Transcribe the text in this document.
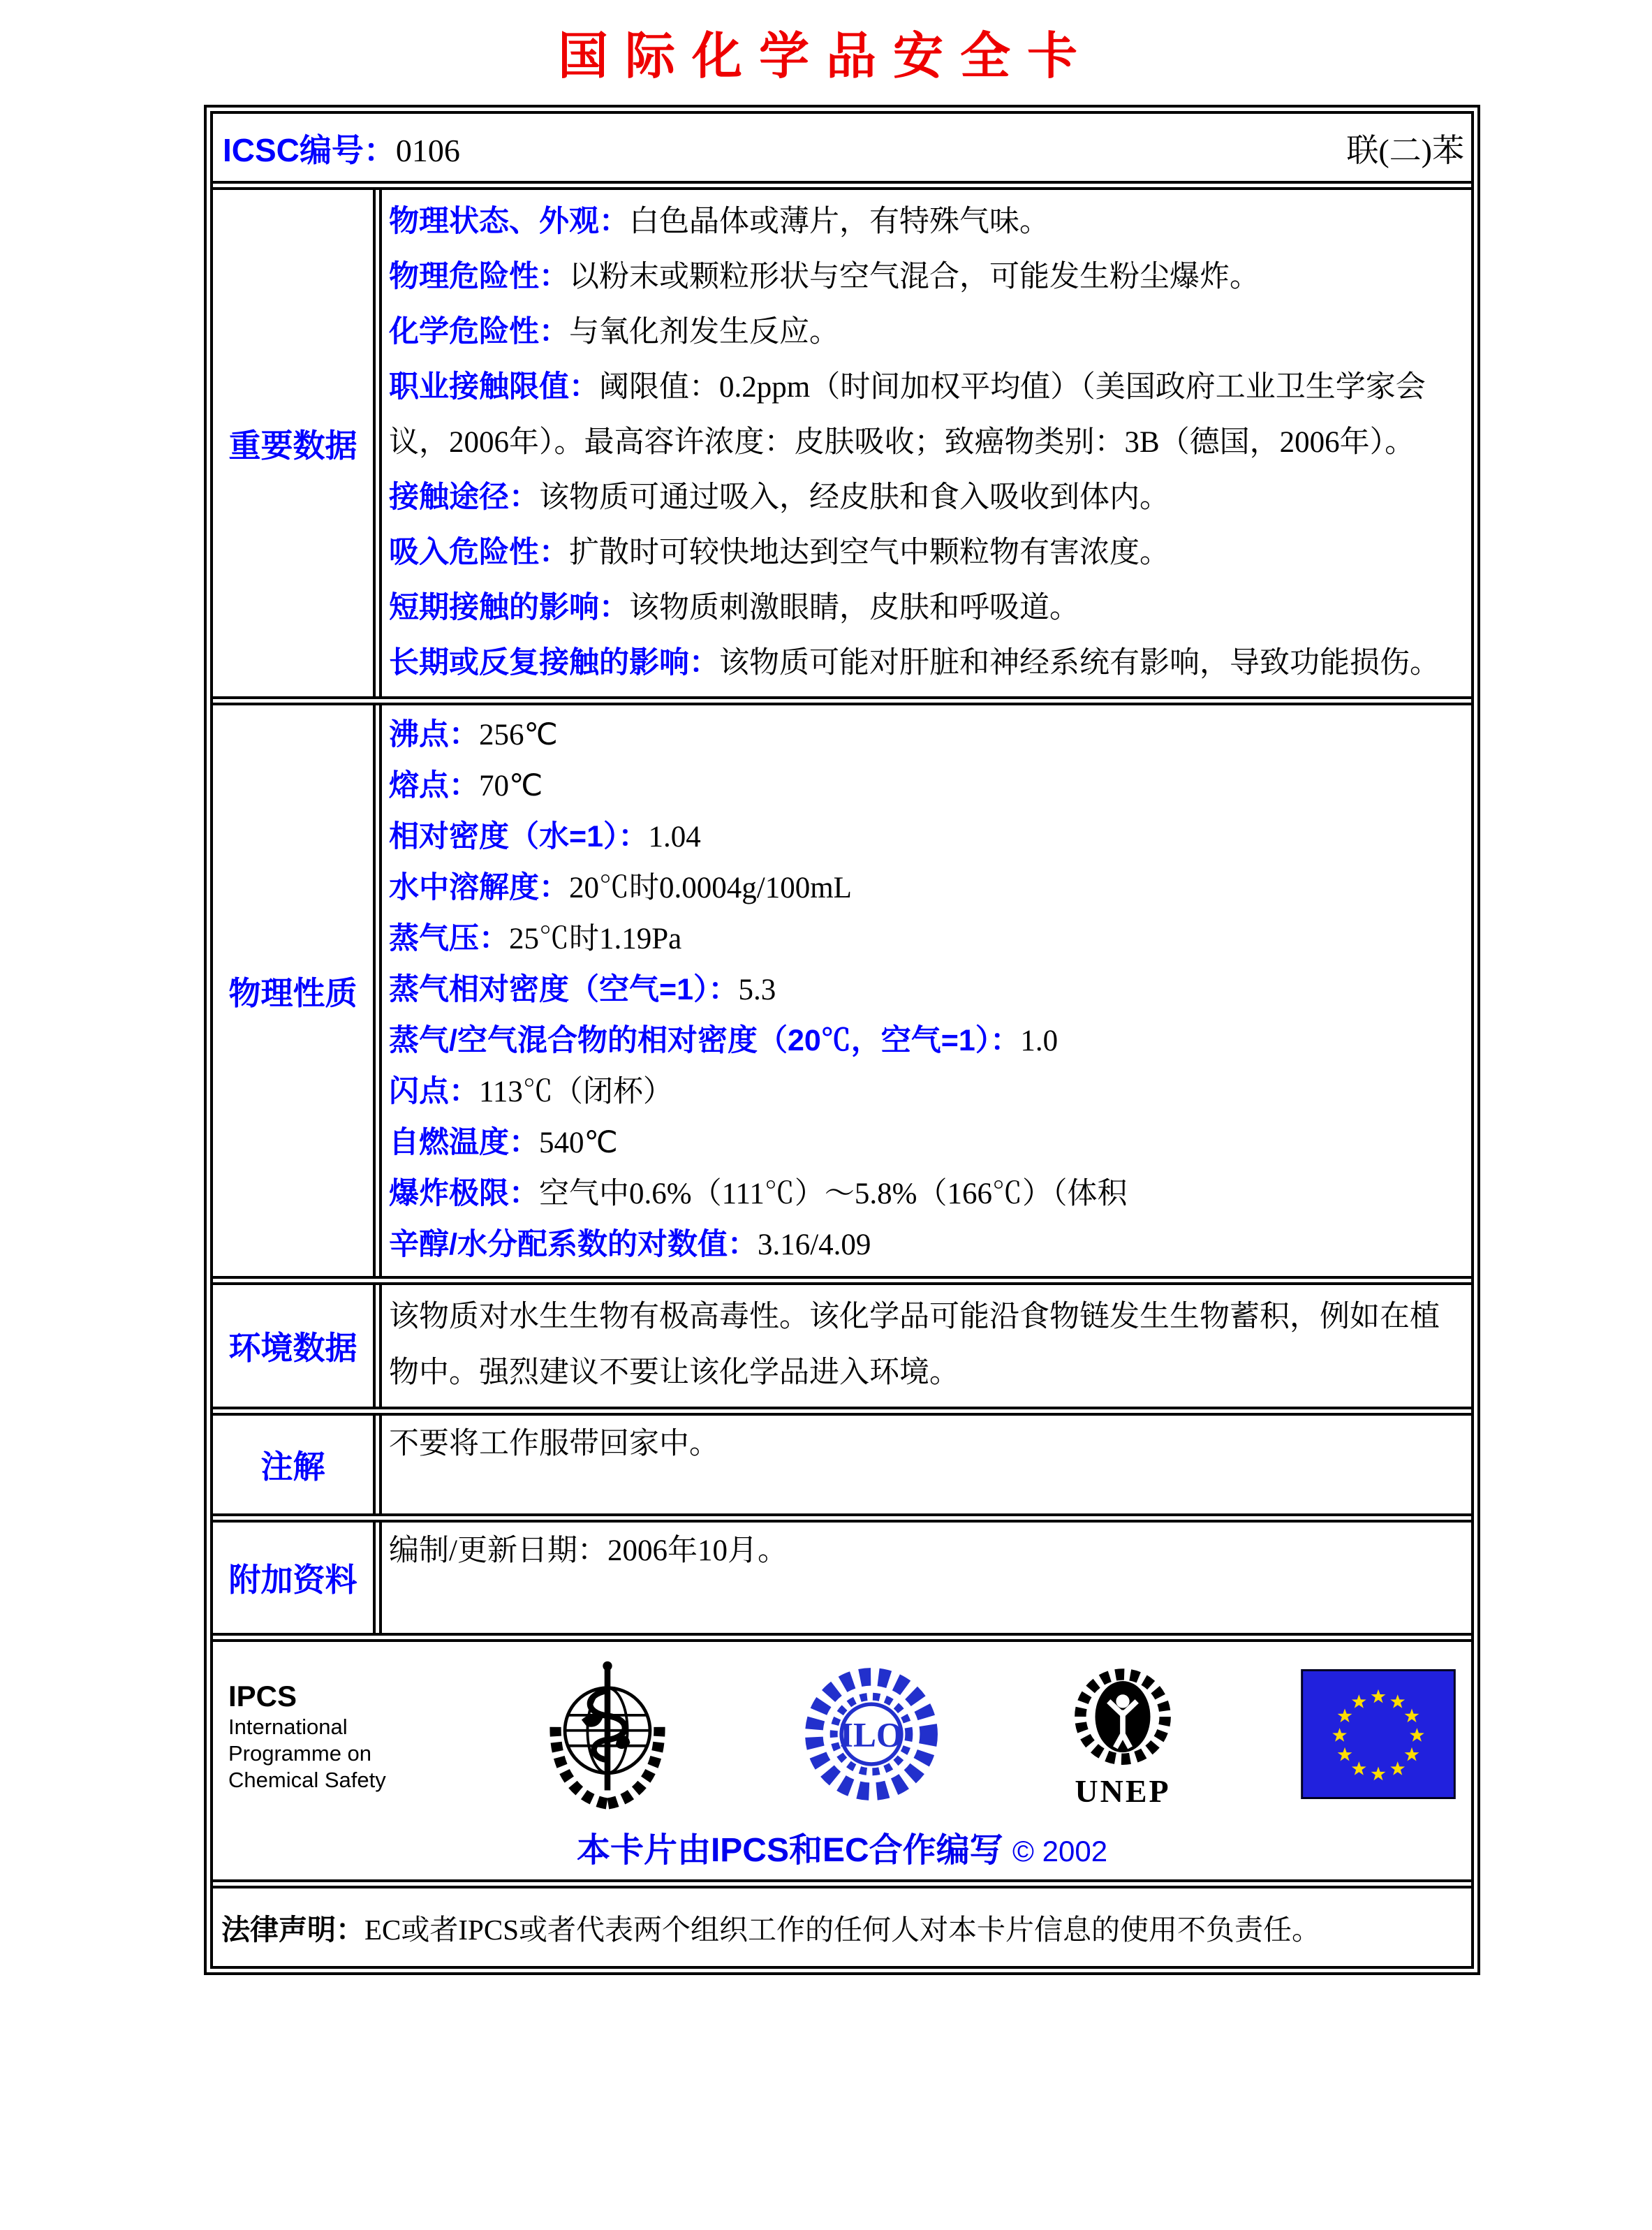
国际化学品安全卡
ICSC编号：0106	联(二)苯
重要数据
物理状态、外观：白色晶体或薄片，有特殊气味。
物理危险性：以粉末或颗粒形状与空气混合，可能发生粉尘爆炸。
化学危险性：与氧化剂发生反应。
职业接触限值：阈限值：0.2ppm（时间加权平均值）（美国政府工业卫生学家会议，2006年）。最高容许浓度：皮肤吸收；致癌物类别：3B（德国，2006年）。
接触途径：该物质可通过吸入，经皮肤和食入吸收到体内。
吸入危险性：扩散时可较快地达到空气中颗粒物有害浓度。
短期接触的影响：该物质刺激眼睛，皮肤和呼吸道。
长期或反复接触的影响：该物质可能对肝脏和神经系统有影响，导致功能损伤。
物理性质
沸点：256℃
熔点：70℃
相对密度（水=1）：1.04
水中溶解度：20℃时0.0004g/100mL
蒸气压：25℃时1.19Pa
蒸气相对密度（空气=1）：5.3
蒸气/空气混合物的相对密度（20℃，空气=1）：1.0
闪点：113℃（闭杯）
自燃温度：540℃
爆炸极限：空气中0.6%（111℃）～5.8%（166℃）（体积
辛醇/水分配系数的对数值：3.16/4.09
环境数据
该物质对水生生物有极高毒性。该化学品可能沿食物链发生生物蓄积，例如在植物中。强烈建议不要让该化学品进入环境。
注解
不要将工作服带回家中。
附加资料
编制/更新日期：2006年10月。
IPCS
International
Programme on
Chemical Safety
ILO
UNEP
本卡片由IPCS和EC合作编写 © 2002
法律声明：EC或者IPCS或者代表两个组织工作的任何人对本卡片信息的使用不负责任。
